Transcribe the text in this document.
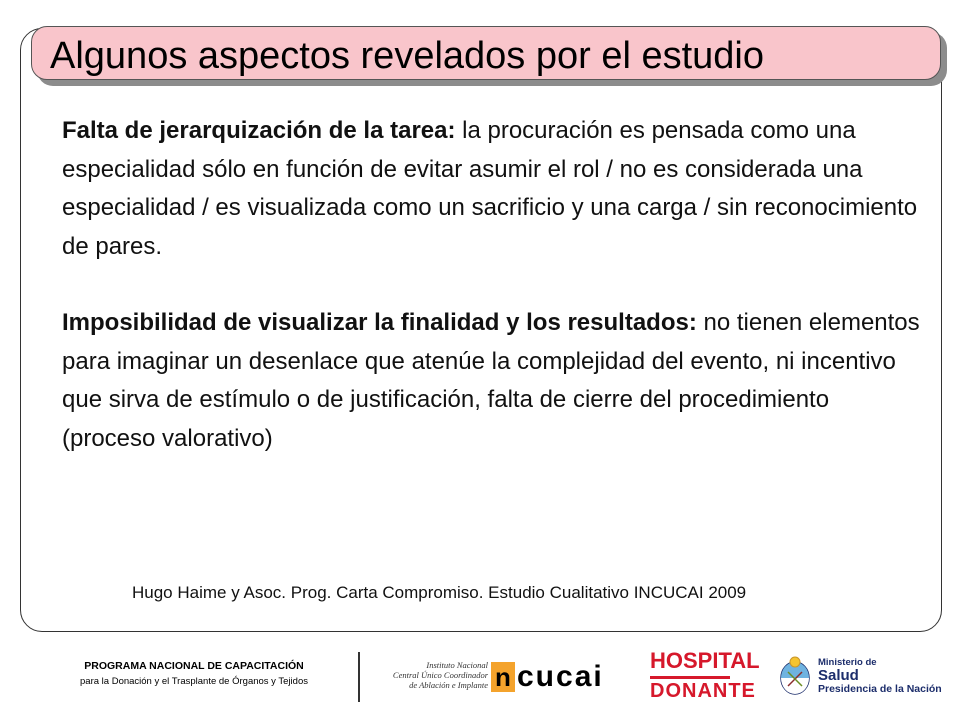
Algunos aspectos revelados por el estudio

Falta de jerarquización de la tarea: la procuración es pensada como una especialidad sólo en función de evitar asumir el rol / no es considerada una especialidad / es visualizada como un sacrificio y una carga / sin reconocimiento de pares.

Imposibilidad de visualizar la finalidad y los resultados: no tienen elementos para imaginar un desenlace que atenúe la complejidad del evento, ni incentivo que sirva de estímulo o de justificación, falta de cierre del procedimiento (proceso valorativo)

Hugo Haime y Asoc. Prog. Carta Compromiso. Estudio Cualitativo INCUCAI 2009
PROGRAMA NACIONAL DE CAPACITACIÓN
para la Donación y el Trasplante de Órganos y Tejidos
Instituto Nacional
Central Único Coordinador
de Ablación e Implante n cucai HOSPITAL
DONANTE
Ministerio de
Salud
Presidencia de la Nación
